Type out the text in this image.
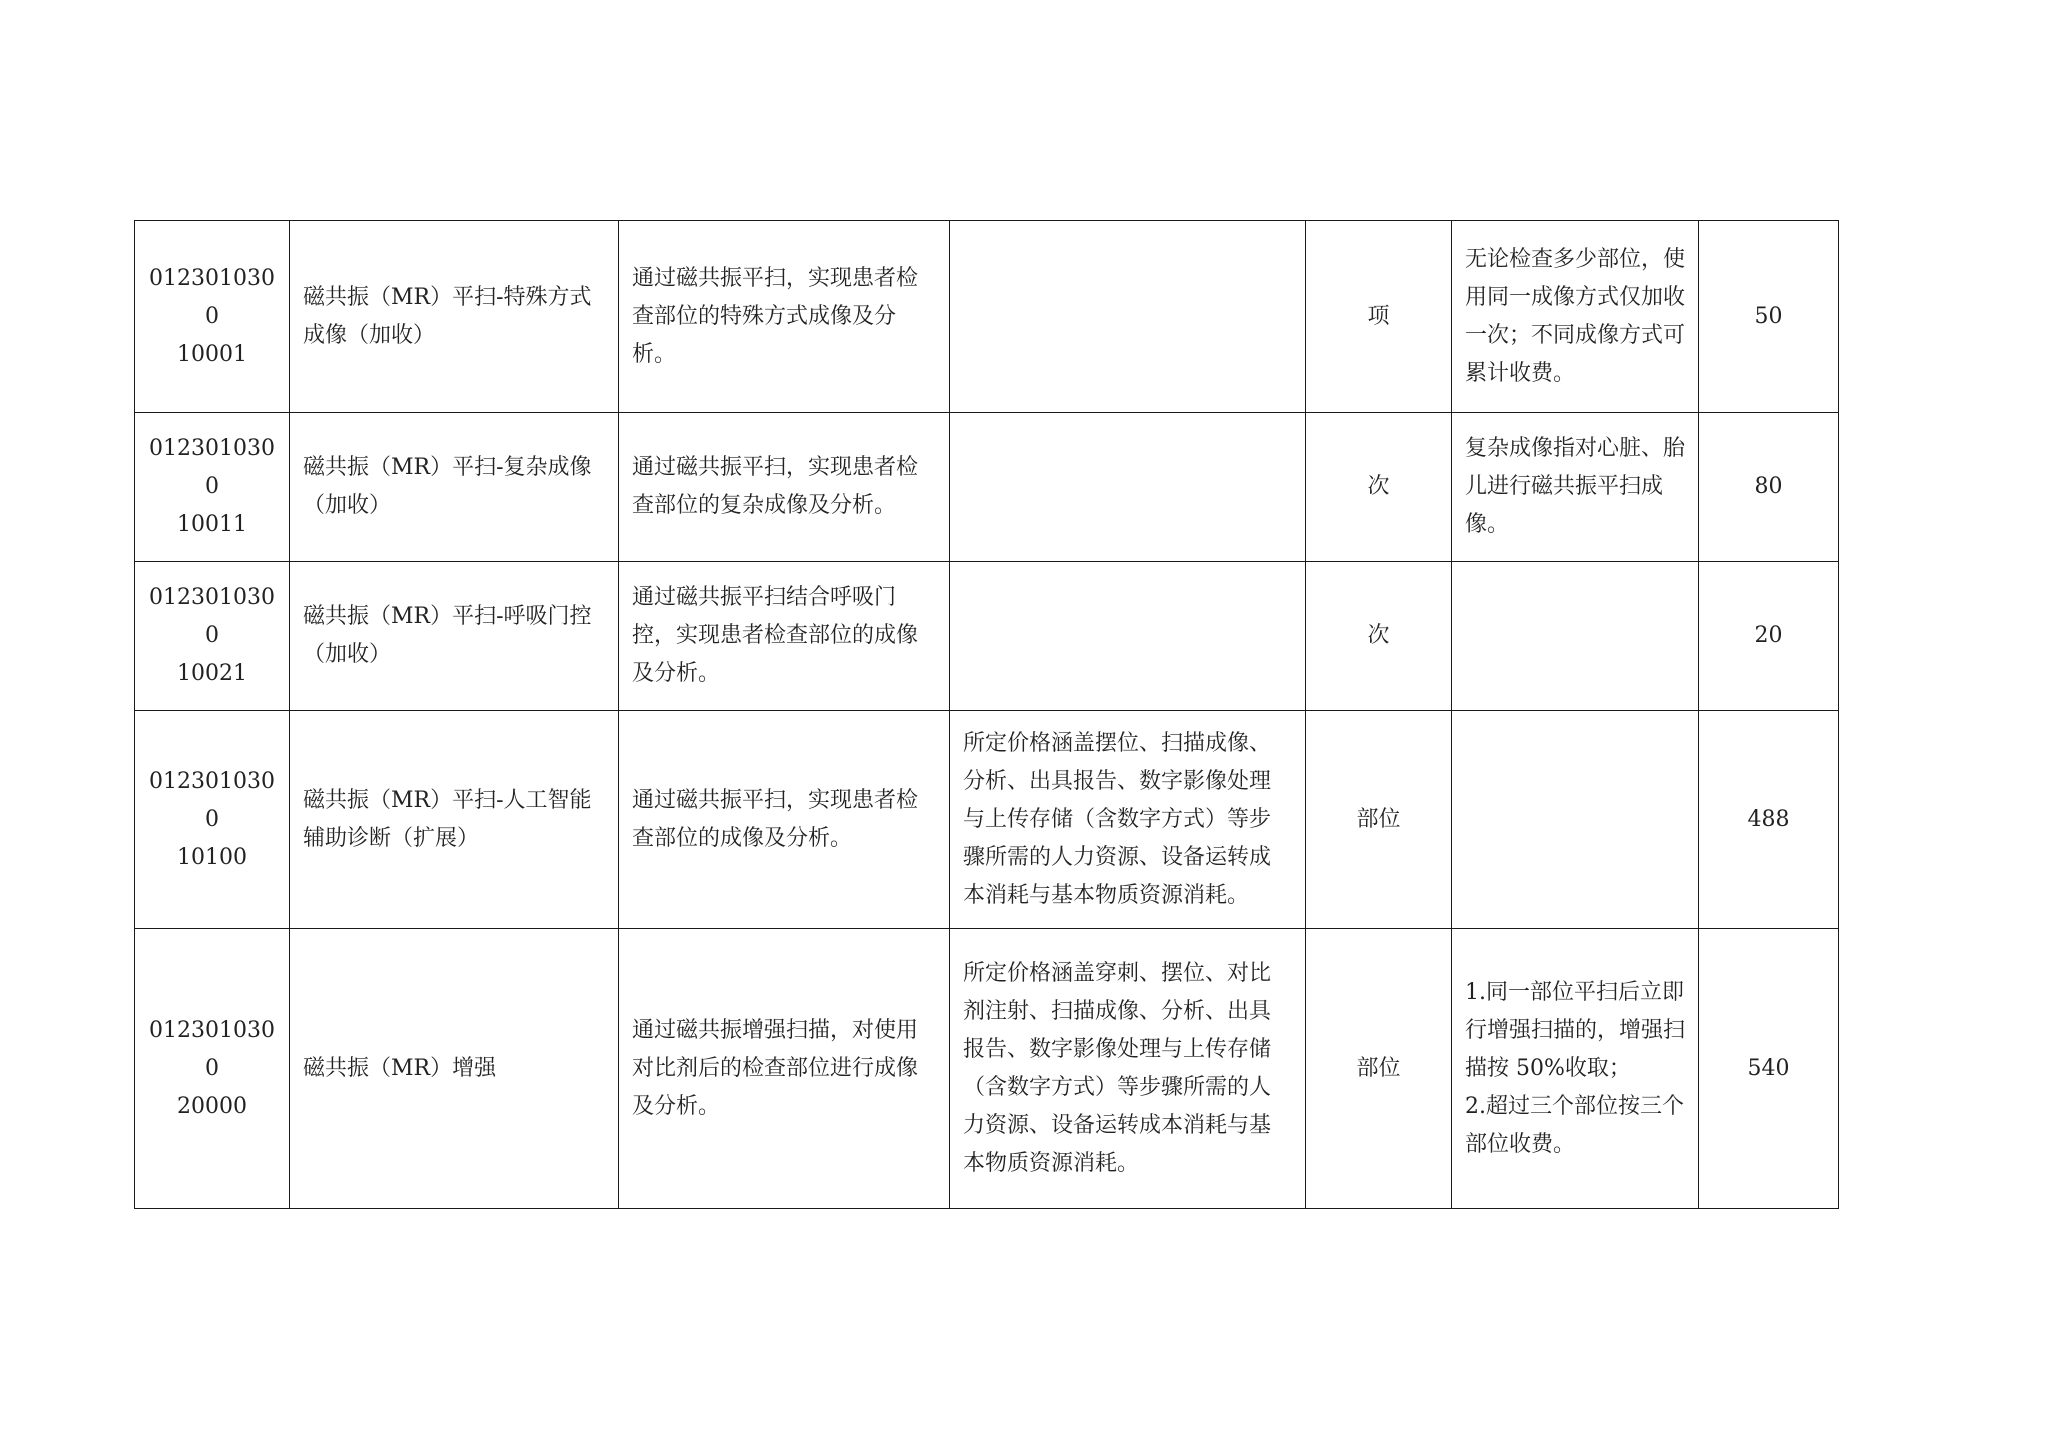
0123010300
10001	磁共振（MR）平扫-特殊方式成像（加收）	通过磁共振平扫，实现患者检查部位的特殊方式成像及分析。		项	无论检查多少部位，使用同一成像方式仅加收一次；不同成像方式可累计收费。	50

0123010300
10011	磁共振（MR）平扫-复杂成像（加收）	通过磁共振平扫，实现患者检查部位的复杂成像及分析。		次	复杂成像指对心脏、胎儿进行磁共振平扫成像。	80

0123010300
10021	磁共振（MR）平扫-呼吸门控（加收）	通过磁共振平扫结合呼吸门控，实现患者检查部位的成像及分析。		次		20

0123010300
10100	磁共振（MR）平扫-人工智能辅助诊断（扩展）	通过磁共振平扫，实现患者检查部位的成像及分析。	所定价格涵盖摆位、扫描成像、分析、出具报告、数字影像处理与上传存储（含数字方式）等步骤所需的人力资源、设备运转成本消耗与基本物质资源消耗。	部位		488

0123010300
20000	磁共振（MR）增强	通过磁共振增强扫描，对使用对比剂后的检查部位进行成像及分析。	所定价格涵盖穿刺、摆位、对比剂注射、扫描成像、分析、出具报告、数字影像处理与上传存储（含数字方式）等步骤所需的人力资源、设备运转成本消耗与基本物质资源消耗。	部位	1.同一部位平扫后立即行增强扫描的，增强扫描按 50%收取；
2.超过三个部位按三个部位收费。	540
